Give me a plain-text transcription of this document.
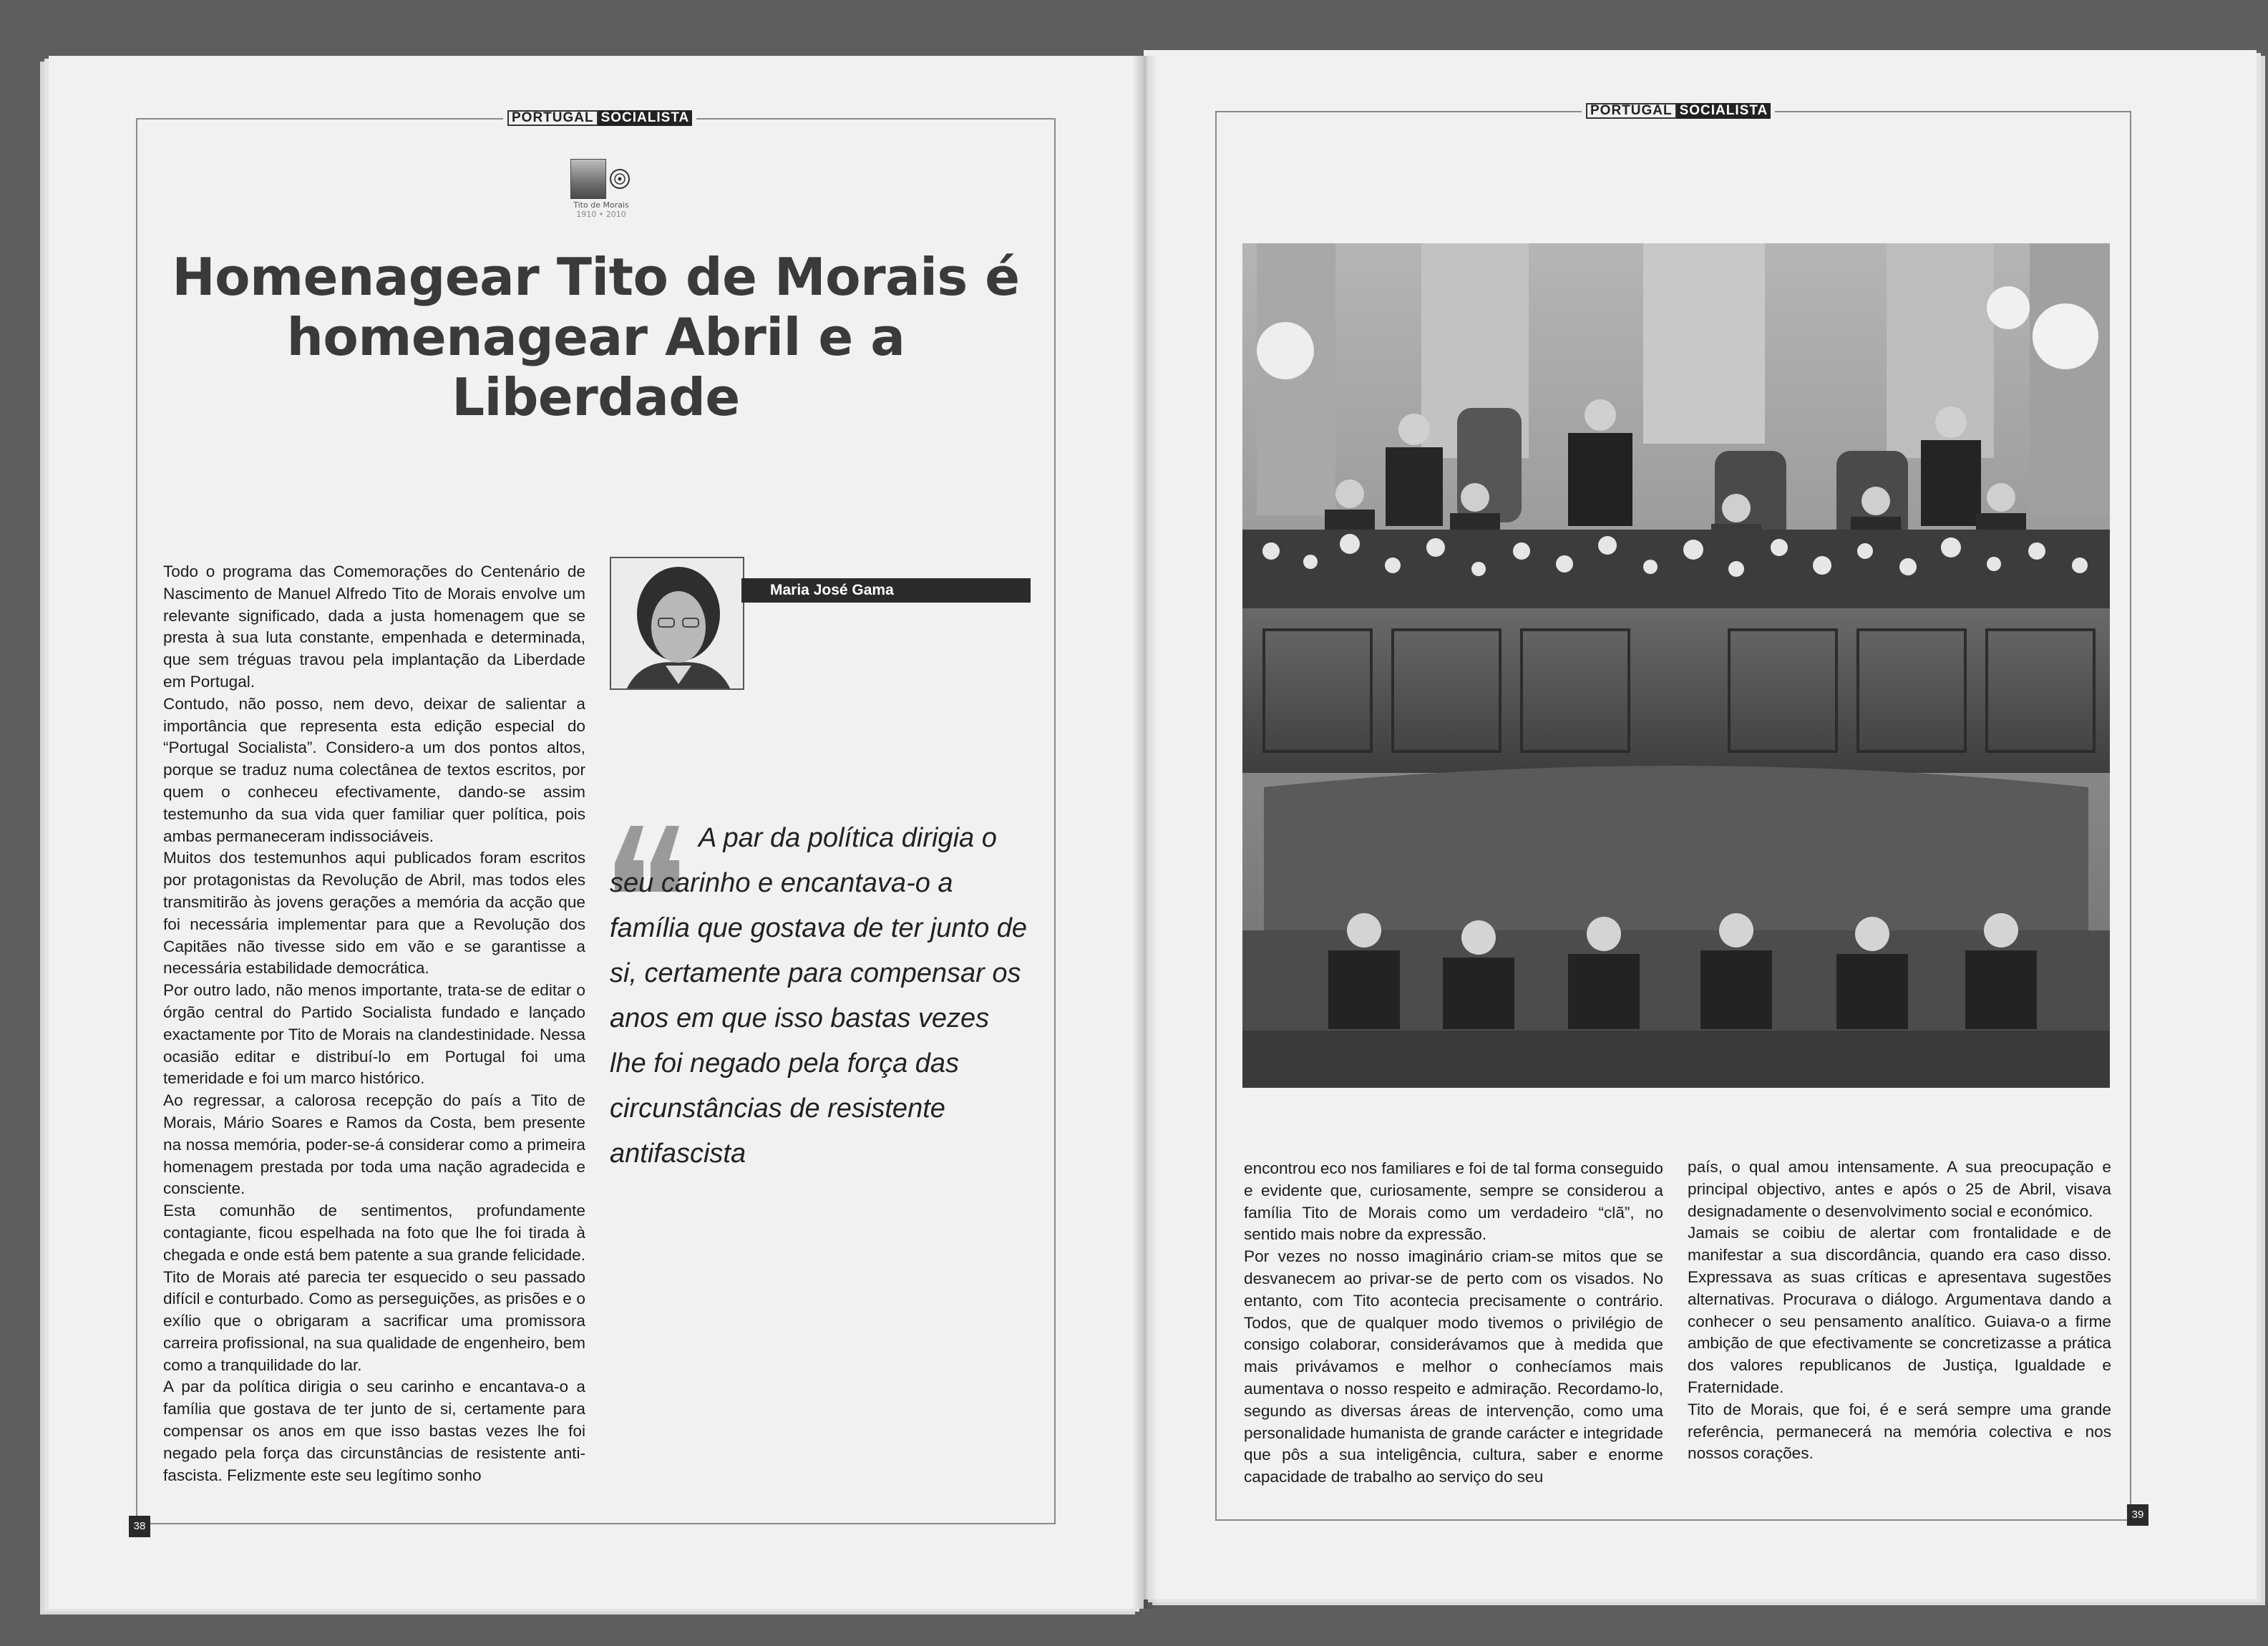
PORTUGAL SOCIALISTA	PORTUGAL SOCIALISTA
Tito de Morais
1910 • 2010
Homenagear Tito de Morais é
homenagear Abril e a Liberdade
Maria José Gama

Todo o programa das Comemorações do Centenário de Nascimento de Manuel Alfredo Tito de Morais envolve um relevante significado, dada a justa homenagem que se presta à sua luta constante, empenhada e determinada, que sem tréguas travou pela implantação da Liberdade em Portugal.

Contudo, não posso, nem devo, deixar de salientar a importância que representa esta edição especial do “Portugal Socialista”. Considero-a um dos pontos altos, porque se traduz numa colectânea de textos escritos, por quem o conheceu efectivamente, dando-se assim testemunho da sua vida quer familiar quer política, pois ambas permaneceram indissociáveis.

Muitos dos testemunhos aqui publicados foram escritos por protagonistas da Revolução de Abril, mas todos eles transmitirão às jovens gerações a memória da acção que foi necessária implementar para que a Revolução dos Capitães não tivesse sido em vão e se garantisse a necessária estabilidade democrática.

Por outro lado, não menos importante, trata-se de editar o órgão central do Partido Socialista fundado e lançado exactamente por Tito de Morais na clandestinidade. Nessa ocasião editar e distribuí-lo em Portugal foi uma temeridade e foi um marco histórico.

Ao regressar, a calorosa recepção do país a Tito de Morais, Mário Soares e Ramos da Costa, bem presente na nossa memória, poder-se-á considerar como a primeira homenagem prestada por toda uma nação agradecida e consciente.

Esta comunhão de sentimentos, profundamente contagiante, ficou espelhada na foto que lhe foi tirada à chegada e onde está bem patente a sua grande felicidade. Tito de Morais até parecia ter esquecido o seu passado difícil e conturbado. Como as perseguições, as prisões e o exílio que o obrigaram a sacrificar uma promissora carreira profissional, na sua qualidade de engenheiro, bem como a tranquilidade do lar.

A par da política dirigia o seu carinho e encantava-o a família que gostava de ter junto de si, certamente para compensar os anos em que isso bastas vezes lhe foi negado pela força das circunstâncias de resistente anti-fascista. Felizmente este seu legítimo sonho

A par da política dirigia o seu carinho e encantava-o a família que gostava de ter junto de si, certamente para compensar os anos em que isso bastas vezes lhe foi negado pela força das circunstâncias de resistente antifascista	encontrou eco nos familiares e foi de tal forma conseguido e evidente que, curiosamente, sempre se considerou a família Tito de Morais como um verdadeiro “clã”, no sentido mais nobre da expressão.

Por vezes no nosso imaginário criam-se mitos que se desvanecem ao privar-se de perto com os visados. No entanto, com Tito acontecia precisamente o contrário. Todos, que de qualquer modo tivemos o privilégio de consigo colaborar, considerávamos que à medida que mais privávamos e melhor o conhecíamos mais aumentava o nosso respeito e admiração. Recordamo-lo, segundo as diversas áreas de intervenção, como uma personalidade humanista de grande carácter e integridade que pôs a sua inteligência, cultura, saber e enorme capacidade de trabalho ao serviço do seu

país, o qual amou intensamente. A sua preocupação e principal objectivo, antes e após o 25 de Abril, visava designadamente o desenvolvimento social e económico.

Jamais se coibiu de alertar com frontalidade e de manifestar a sua discordância, quando era caso disso. Expressava as suas críticas e apresentava sugestões alternativas. Procurava o diálogo. Argumentava dando a conhecer o seu pensamento analítico. Guiava-o a firme ambição de que efectivamente se concretizasse a prática dos valores republicanos de Justiça, Igualdade e Fraternidade.

Tito de Morais, que foi, é e será sempre uma grande referência, permanecerá na memória colectiva e nos nossos corações.

38
39
